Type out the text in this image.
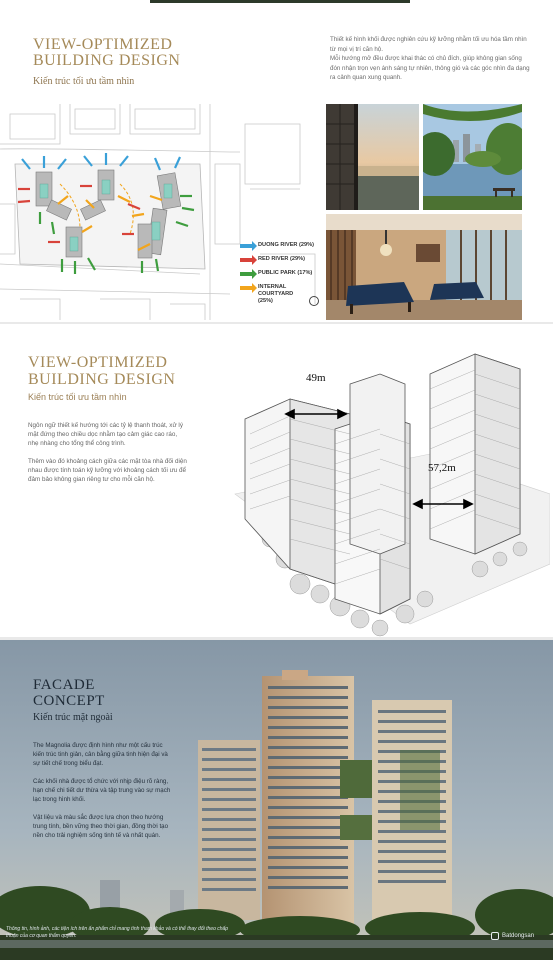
VIEW-OPTIMIZED
BUILDING DESIGN
Kiến trúc tối ưu tầm nhìn

Thiết kế hình khối được nghiên cứu kỹ lưỡng nhằm tối ưu hóa tầm nhìn từ mọi vị trí căn hộ.

Mỗi hướng mở đều được khai thác có chủ đích, giúp không gian sống đón nhận trọn vẹn ánh sáng tự nhiên, thông gió và các góc nhìn đa dạng ra cảnh quan xung quanh.

DUONG RIVER (29%)
RED RIVER (29%)
PUBLIC PARK (17%)
INTERNAL COURTYARD (25%)
VIEW-OPTIMIZED
BUILDING DESIGN
Kiến trúc tối ưu tầm nhìn

Ngôn ngữ thiết kế hướng tới các tỷ lệ thanh thoát, xử lý mặt đứng theo chiều dọc nhằm tạo cảm giác cao ráo, nhẹ nhàng cho tổng thể công trình.

Thêm vào đó khoảng cách giữa các mặt tòa nhà đối diện nhau được tính toán kỹ lưỡng với khoảng cách tối ưu để đảm bảo không gian riêng tư cho mỗi căn hộ.

49m
57,2m
FACADE
CONCEPT
Kiến trúc mặt ngoài

The Magnolia được định hình như một cấu trúc kiến trúc tinh giản, cân bằng giữa tinh hiện đại và sự tiết chế trong biểu đạt.

Các khối nhà được tổ chức với nhịp điệu rõ ràng, hạn chế chi tiết dư thừa và tập trung vào sự mạch lạc trong hình khối.

Vật liệu và màu sắc được lựa chọn theo hướng trung tính, bền vững theo thời gian, đồng thời tạo nền cho trải nghiệm sống tinh tế và nhất quán.

Thông tin, hình ảnh, các tiện ích trên ấn phẩm chỉ mang tính tham khảo và có thể thay đổi theo chấp thuận của cơ quan thẩm quyền.	Batdongsan
